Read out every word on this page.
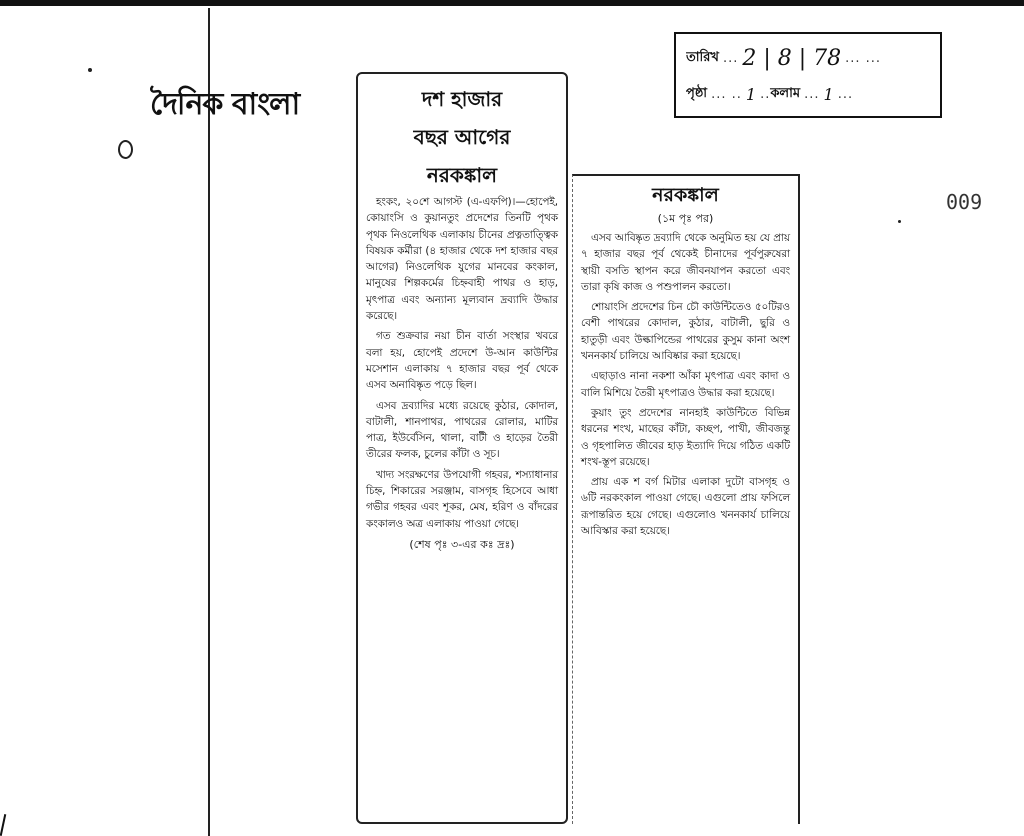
দৈনিক বাংলা
009
তারিখ ... 2 | 8 | 78 ... ...
পৃষ্ঠা ... .. 1 .. কলাম ... 1 ...
দশ হাজার
বছর আগের
নরকঙ্কাল

হংকং, ২০শে আগস্ট (এ-এফপি)।—হোপেই, কোয়াংসি ও কুয়ানতুং প্রদেশের তিনটি পৃথক পৃথক নিওলেথিক এলাকায় চীনের প্রত্নতাত্ত্বিক বিষয়ক কর্মীরা (৪ হাজার থেকে দশ হাজার বছর আগের) নিওলেথিক যুগের মানবের কংকাল, মানুষের শিল্পকর্মের চিহ্নবাহী পাথর ও হাড়, মৃৎপাত্র এবং অন্যান্য মূল্যবান দ্রব্যাদি উদ্ধার করেছে।

গত শুক্রবার নয়া চীন বার্তা সংস্থার খবরে বলা হয়, হোপেই প্রদেশে উ-আন কাউন্টির মসেশান এলাকায় ৭ হাজার বছর পূর্ব থেকে এসব অনাবিষ্কৃত পড়ে ছিল।

এসব দ্রব্যাদির মধ্যে রয়েছে কুঠার, কোদাল, বাটালী, শানপাথর, পাথরের রোলার, মাটির পাত্র, ইউর্বেসিন, থালা, বাটী ও হাড়ের তৈরী তীরের ফলক, চুলের কাঁটা ও সূচ।

খাদ্য সংরক্ষণের উপযোগী গহবর, শস্যাধানার চিহ্ন, শিকারের সরঞ্জাম, বাসগৃহ হিসেবে আধা গভীর গহবর এবং শূকর, মেষ, হরিণ ও বাঁদরের কংকালও অত্র এলাকায় পাওয়া গেছে।

(শেষ পৃঃ ৩-এর কঃ দ্রঃ)
নরকঙ্কাল
(১ম পৃঃ পর)

এসব আবিষ্কৃত দ্রব্যাদি থেকে অনুমিত হয় যে প্রায় ৭ হাজার বছর পূর্ব থেকেই চীনাদের পূর্বপুরুষেরা স্থায়ী বসতি স্থাপন করে জীবনযাপন করতো এবং তারা কৃষি কাজ ও পশুপালন করতো।

শোয়াংসি প্রদেশের চিন চৌ কাউন্টিতেও ৫০টিরও বেশী পাথরের কোদাল, কুঠার, বাটালী, ছুরি ও হাতুড়ী এবং উল্কাপিন্ডের পাথরের কুসুম কানা অংশ খননকার্য চালিয়ে আবিষ্কার করা হয়েছে।

এছাড়াও নানা নকশা আঁকা মৃৎপাত্র এবং কাদা ও বালি মিশিয়ে তৈরী মৃৎপাত্রও উদ্ধার করা হয়েছে।

কুয়াং তুং প্রদেশের নানহাই কাউন্টিতে বিভিন্ন ধরনের শংখ, মাছের কাঁটা, কচ্ছপ, পাখী, জীবজন্তু ও গৃহপালিত জীবের হাড় ইত্যাদি দিয়ে গঠিত একটি শংখ-স্তূপ রয়েছে।

প্রায় এক শ বর্গ মিটার এলাকা দুটো বাসগৃহ ও ৬টি নরকংকাল পাওয়া গেছে। এগুলো প্রায় ফসিলে রূপান্তরিত হয়ে গেছে। এগুলোও খননকার্য চালিয়ে আবিস্কার করা হয়েছে।
